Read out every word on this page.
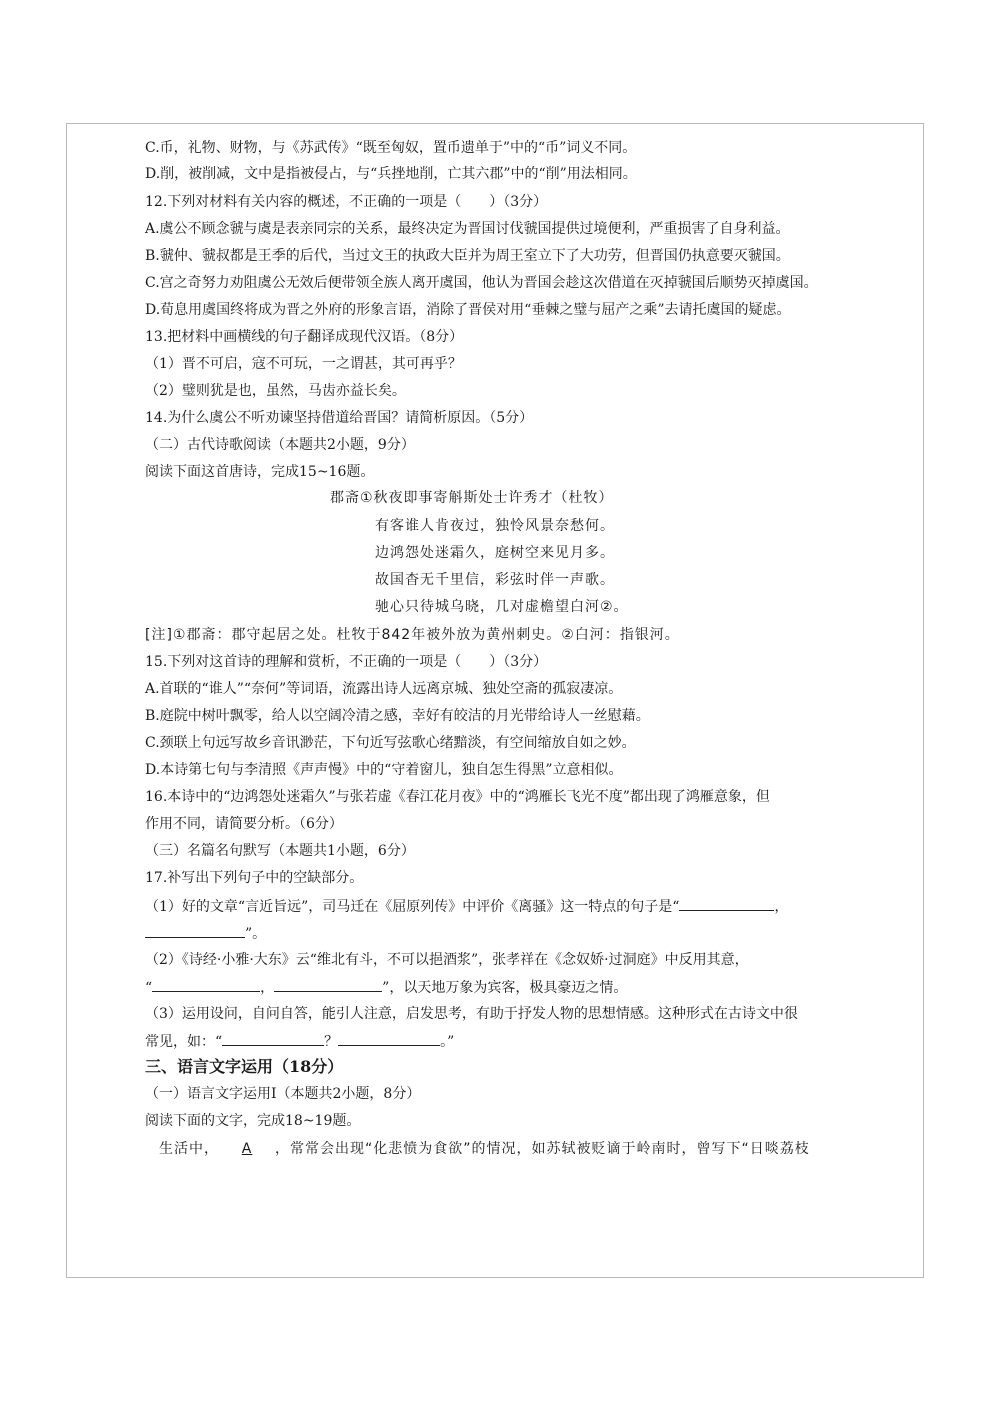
C.币，礼物、财物，与《苏武传》“既至匈奴，置币遗单于”中的“币”词义不同。
D.削，被削减，文中是指被侵占，与“兵挫地削，亡其六郡”中的“削”用法相同。
12.下列对材料有关内容的概述，不正确的一项是（　　）（3分）
A.虞公不顾念虢与虞是表亲同宗的关系，最终决定为晋国讨伐虢国提供过境便利，严重损害了自身利益。
B.虢仲、虢叔都是王季的后代，当过文王的执政大臣并为周王室立下了大功劳，但晋国仍执意要灭虢国。
C.宫之奇努力劝阻虞公无效后便带领全族人离开虞国，他认为晋国会趁这次借道在灭掉虢国后顺势灭掉虞国。
D.荀息用虞国终将成为晋之外府的形象言语，消除了晋侯对用“垂棘之璧与屈产之乘”去请托虞国的疑虑。
13.把材料中画横线的句子翻译成现代汉语。（8分）
（1）晋不可启，寇不可玩，一之谓甚，其可再乎？
（2）璧则犹是也，虽然，马齿亦益长矣。
14.为什么虞公不听劝谏坚持借道给晋国？请简析原因。（5分）
（二）古代诗歌阅读（本题共2小题，9分）
阅读下面这首唐诗，完成15~16题。
郡斋①秋夜即事寄斛斯处士许秀才（杜牧）
有客谁人肯夜过，独怜风景奈愁何。
边鸿怨处迷霜久，庭树空来见月多。
故国杳无千里信，彩弦时伴一声歌。
驰心只待城乌晓，几对虚檐望白河②。
[注]①郡斋：郡守起居之处。杜牧于842年被外放为黄州刺史。②白河：指银河。
15.下列对这首诗的理解和赏析，不正确的一项是（　　）（3分）
A.首联的“谁人”“奈何”等词语，流露出诗人远离京城、独处空斋的孤寂凄凉。
B.庭院中树叶飘零，给人以空阔冷清之感，幸好有皎洁的月光带给诗人一丝慰藉。
C.颈联上句远写故乡音讯渺茫，下句近写弦歌心绪黯淡，有空间缩放自如之妙。
D.本诗第七句与李清照《声声慢》中的“守着窗儿，独自怎生得黑”立意相似。
16.本诗中的“边鸿怨处迷霜久”与张若虚《春江花月夜》中的“鸿雁长飞光不度”都出现了鸿雁意象，但
作用不同，请简要分析。（6分）
（三）名篇名句默写（本题共1小题，6分）
17.补写出下列句子中的空缺部分。
（1）好的文章“言近旨远”，司马迁在《屈原列传》中评价《离骚》这一特点的句子是“	，
”。
（2）《诗经·小雅·大东》云“维北有斗，不可以挹酒浆”，张孝祥在《念奴娇·过洞庭》中反用其意，
“	，	”，以天地万象为宾客，极具豪迈之情。
（3）运用设问，自问自答，能引人注意，启发思考，有助于抒发人物的思想情感。这种形式在古诗文中很
常见，如：“	？	。”
三、语言文字运用（18分）
（一）语言文字运用Ⅰ（本题共2小题，8分）
阅读下面的文字，完成18~19题。
生活中， A ，常常会出现“化悲愤为食欲”的情况，如苏轼被贬谪于岭南时，曾写下“日啖荔枝
